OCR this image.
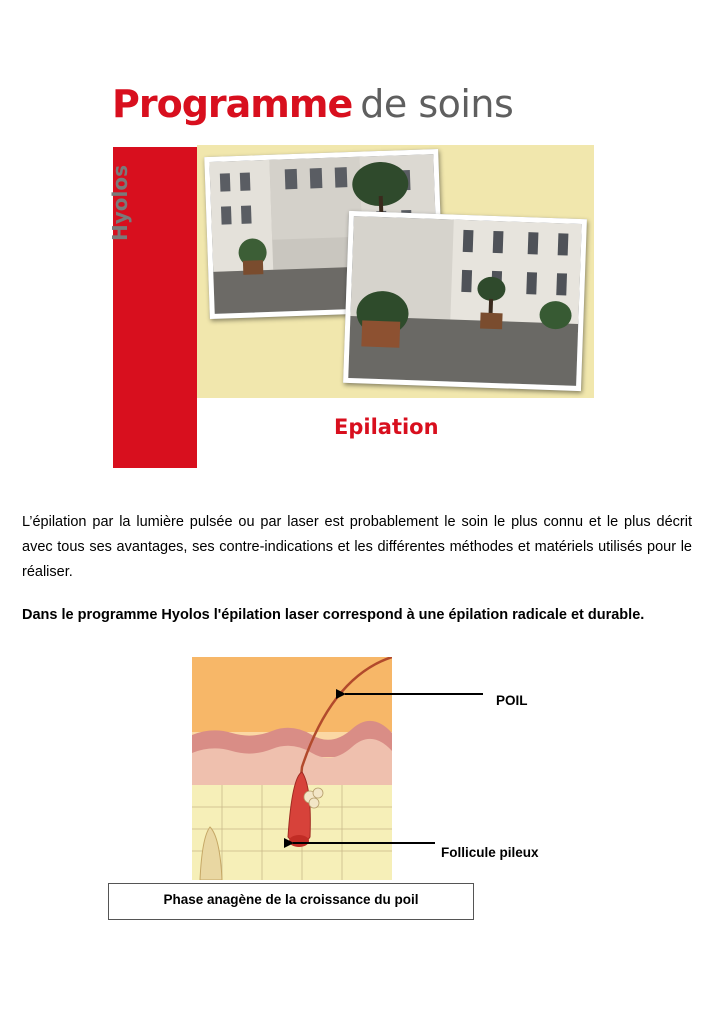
Programme de soins
Hyolos
Epilation

L’épilation par la lumière pulsée ou par laser est probablement le soin le plus connu et le plus décrit avec tous ses avantages, ses contre-indications et les différentes méthodes et matériels utilisés pour le réaliser.

Dans le programme Hyolos l'épilation laser correspond à une épilation radicale et durable.

POIL
Follicule pileux
Phase anagène de la croissance du poil
